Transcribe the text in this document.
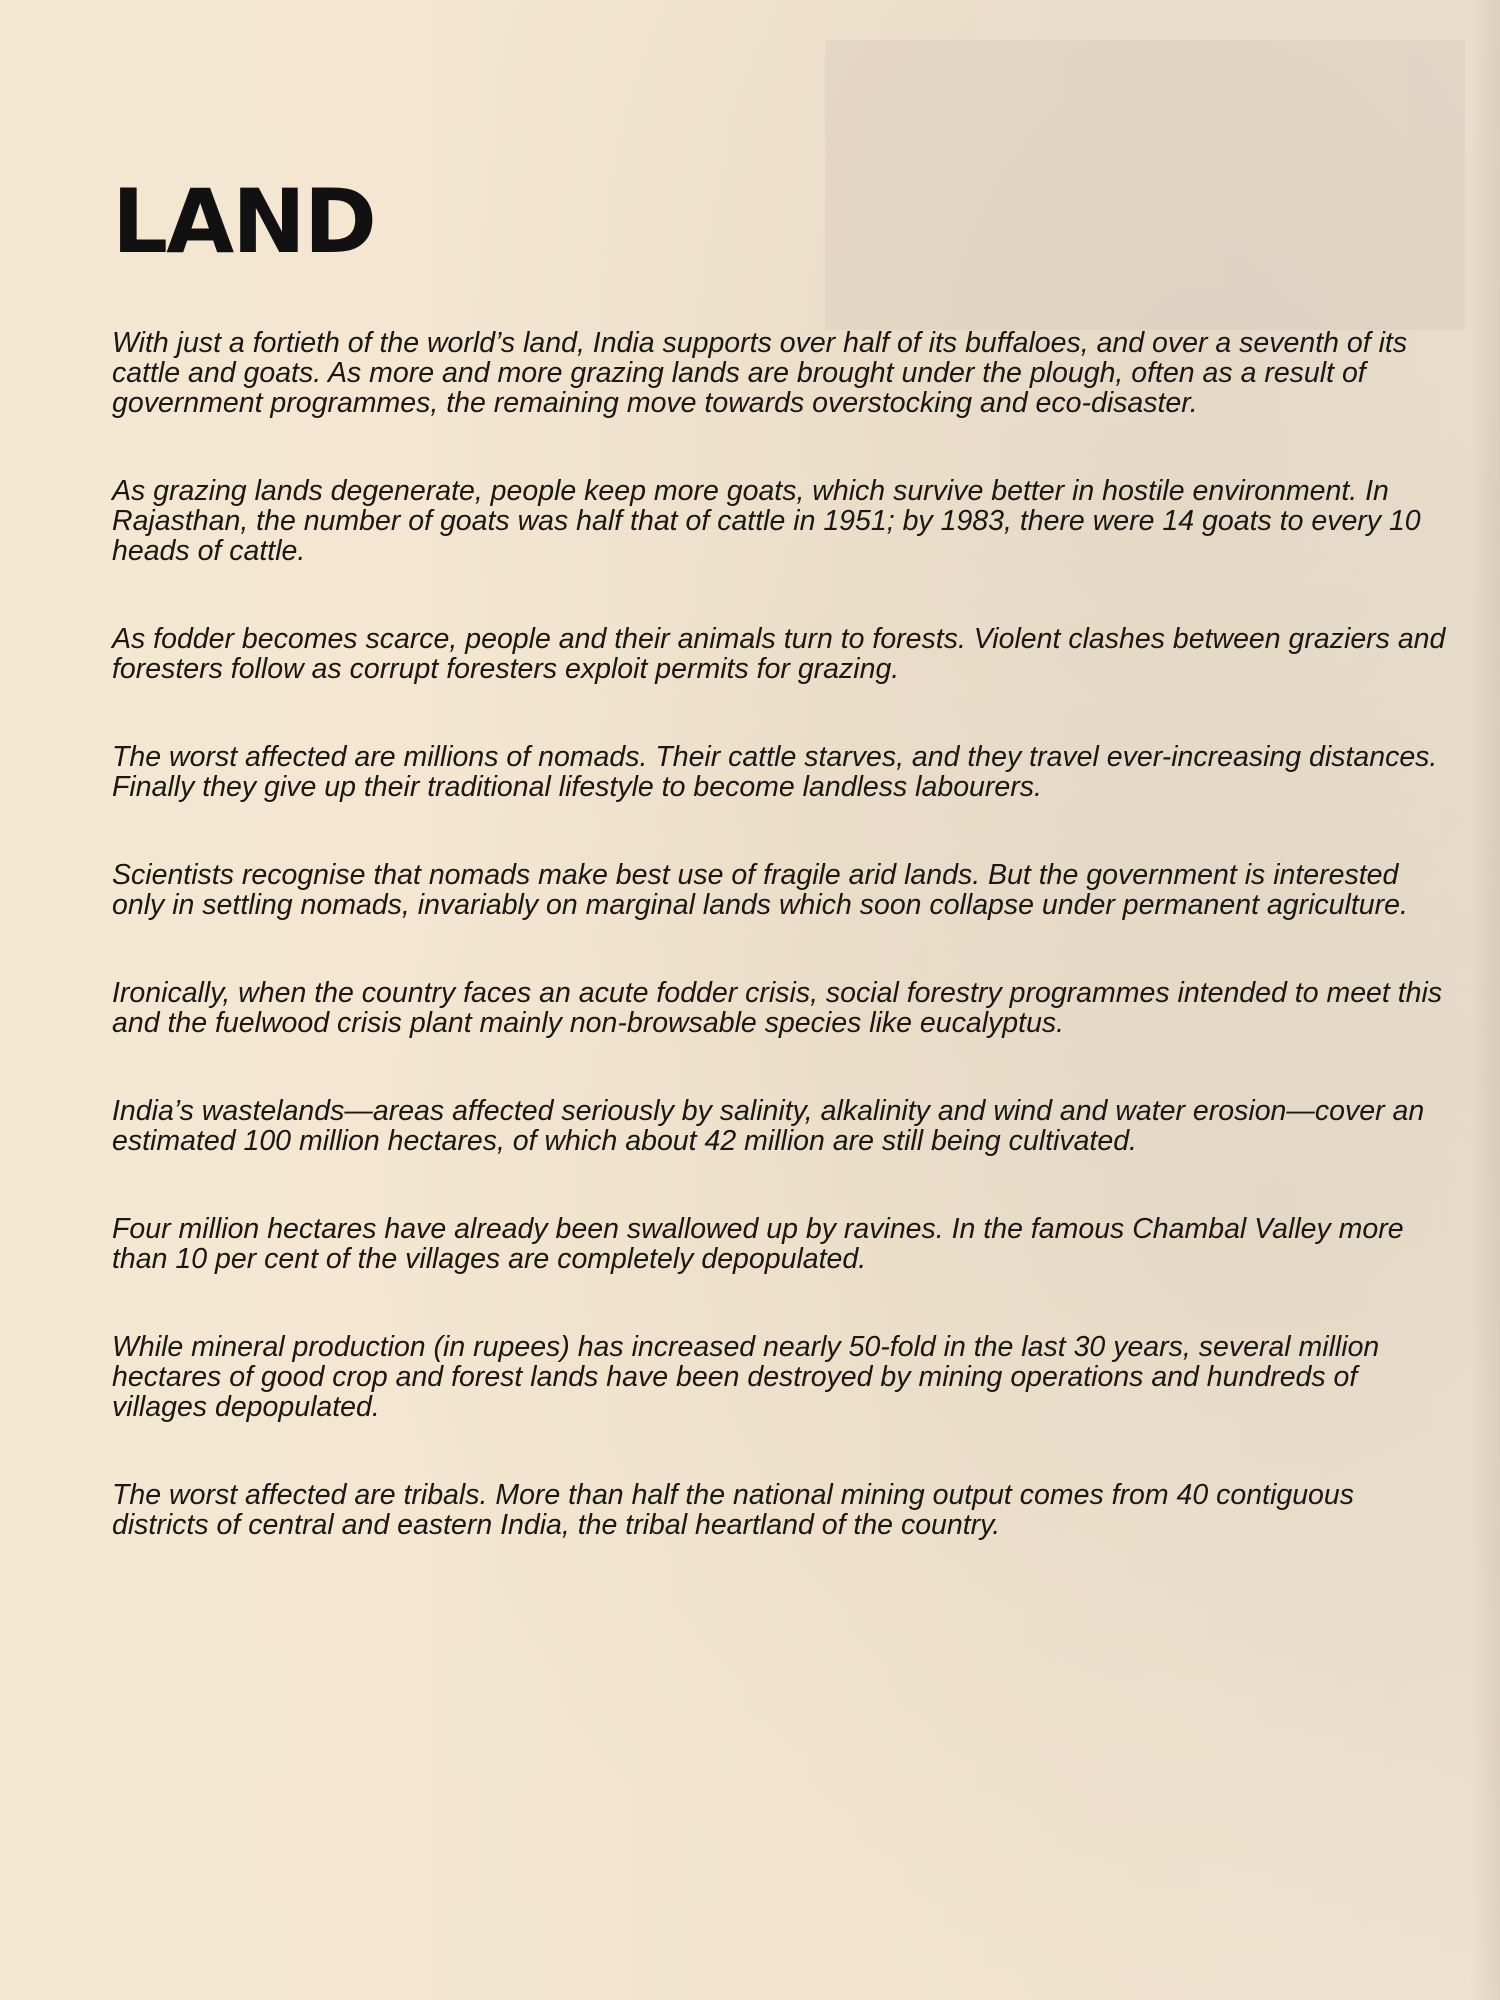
LAND

With just a fortieth of the world’s land, India supports over half of its buffaloes, and over a seventh of its cattle and goats. As more and more grazing lands are brought under the plough, often as a result of government programmes, the remaining move towards overstocking and eco-disaster.

As grazing lands degenerate, people keep more goats, which survive better in hostile environment. In Rajasthan, the number of goats was half that of cattle in 1951; by 1983, there were 14 goats to every 10 heads of cattle.

As fodder becomes scarce, people and their animals turn to forests. Violent clashes between graziers and foresters follow as corrupt foresters exploit permits for grazing.

The worst affected are millions of nomads. Their cattle starves, and they travel ever-increasing distances. Finally they give up their traditional lifestyle to become landless labourers.

Scientists recognise that nomads make best use of fragile arid lands. But the government is interested only in settling nomads, invariably on marginal lands which soon collapse under permanent agriculture.

Ironically, when the country faces an acute fodder crisis, social forestry programmes intended to meet this and the fuelwood crisis plant mainly non-browsable species like eucalyptus.

India’s wastelands—areas affected seriously by salinity, alkalinity and wind and water erosion—cover an estimated 100 million hectares, of which about 42 million are still being cultivated.

Four million hectares have already been swallowed up by ravines. In the famous Chambal Valley more than 10 per cent of the villages are completely depopulated.

While mineral production (in rupees) has increased nearly 50-fold in the last 30 years, several million hectares of good crop and forest lands have been destroyed by mining operations and hundreds of villages depopulated.

The worst affected are tribals. More than half the national mining output comes from 40 contiguous districts of central and eastern India, the tribal heartland of the country.
